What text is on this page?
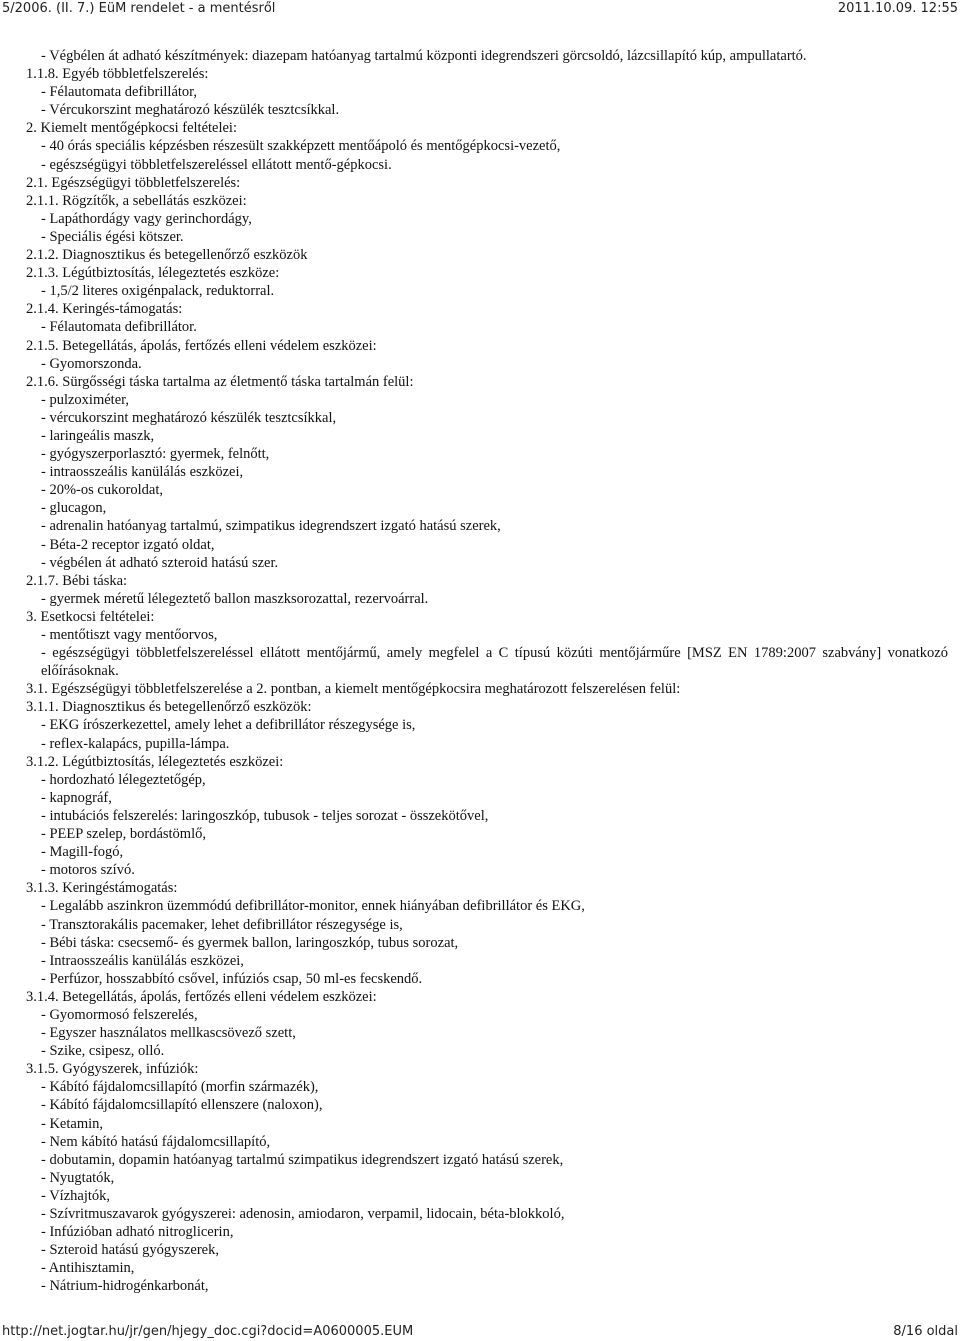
5/2006. (II. 7.) EüM rendelet - a mentésről	2011.10.09. 12:55
- Végbélen át adható készítmények: diazepam hatóanyag tartalmú központi idegrendszeri görcsoldó, lázcsillapító kúp, ampullatartó.
1.1.8. Egyéb többletfelszerelés:
- Félautomata defibrillátor,
- Vércukorszint meghatározó készülék tesztcsíkkal.
2. Kiemelt mentőgépkocsi feltételei:
- 40 órás speciális képzésben részesült szakképzett mentőápoló és mentőgépkocsi-vezető,
- egészségügyi többletfelszereléssel ellátott mentő-gépkocsi.
2.1. Egészségügyi többletfelszerelés:
2.1.1. Rögzítők, a sebellátás eszközei:
- Lapáthordágy vagy gerinchordágy,
- Speciális égési kötszer.
2.1.2. Diagnosztikus és betegellenőrző eszközök
2.1.3. Légútbiztosítás, lélegeztetés eszköze:
- 1,5/2 literes oxigénpalack, reduktorral.
2.1.4. Keringés-támogatás:
- Félautomata defibrillátor.
2.1.5. Betegellátás, ápolás, fertőzés elleni védelem eszközei:
- Gyomorszonda.
2.1.6. Sürgősségi táska tartalma az életmentő táska tartalmán felül:
- pulzoximéter,
- vércukorszint meghatározó készülék tesztcsíkkal,
- laringeális maszk,
- gyógyszerporlasztó: gyermek, felnőtt,
- intraosszeális kanülálás eszközei,
- 20%-os cukoroldat,
- glucagon,
- adrenalin hatóanyag tartalmú, szimpatikus idegrendszert izgató hatású szerek,
- Béta-2 receptor izgató oldat,
- végbélen át adható szteroid hatású szer.
2.1.7. Bébi táska:
- gyermek méretű lélegeztető ballon maszksorozattal, rezervoárral.
3. Esetkocsi feltételei:
- mentőtiszt vagy mentőorvos,
- egészségügyi többletfelszereléssel ellátott mentőjármű, amely megfelel a C típusú közúti mentőjárműre [MSZ EN 1789:2007 szabvány] vonatkozó előírásoknak.
3.1. Egészségügyi többletfelszerelése a 2. pontban, a kiemelt mentőgépkocsira meghatározott felszerelésen felül:
3.1.1. Diagnosztikus és betegellenőrző eszközök:
- EKG írószerkezettel, amely lehet a defibrillátor részegysége is,
- reflex-kalapács, pupilla-lámpa.
3.1.2. Légútbiztosítás, lélegeztetés eszközei:
- hordozható lélegeztetőgép,
- kapnográf,
- intubációs felszerelés: laringoszkóp, tubusok - teljes sorozat - összekötővel,
- PEEP szelep, bordástömlő,
- Magill-fogó,
- motoros szívó.
3.1.3. Keringéstámogatás:
- Legalább aszinkron üzemmódú defibrillátor-monitor, ennek hiányában defibrillátor és EKG,
- Transztorakális pacemaker, lehet defibrillátor részegysége is,
- Bébi táska: csecsemő- és gyermek ballon, laringoszkóp, tubus sorozat,
- Intraosszeális kanülálás eszközei,
- Perfúzor, hosszabbító csővel, infúziós csap, 50 ml-es fecskendő.
3.1.4. Betegellátás, ápolás, fertőzés elleni védelem eszközei:
- Gyomormosó felszerelés,
- Egyszer használatos mellkascsövező szett,
- Szike, csipesz, olló.
3.1.5. Gyógyszerek, infúziók:
- Kábító fájdalomcsillapító (morfin származék),
- Kábító fájdalomcsillapító ellenszere (naloxon),
- Ketamin,
- Nem kábító hatású fájdalomcsillapító,
- dobutamin, dopamin hatóanyag tartalmú szimpatikus idegrendszert izgató hatású szerek,
- Nyugtatók,
- Vízhajtók,
- Szívritmuszavarok gyógyszerei: adenosin, amiodaron, verpamil, lidocain, béta-blokkoló,
- Infúzióban adható nitroglicerin,
- Szteroid hatású gyógyszerek,
- Antihisztamin,
- Nátrium-hidrogénkarbonát,
http://net.jogtar.hu/jr/gen/hjegy_doc.cgi?docid=A0600005.EUM	8/16 oldal
